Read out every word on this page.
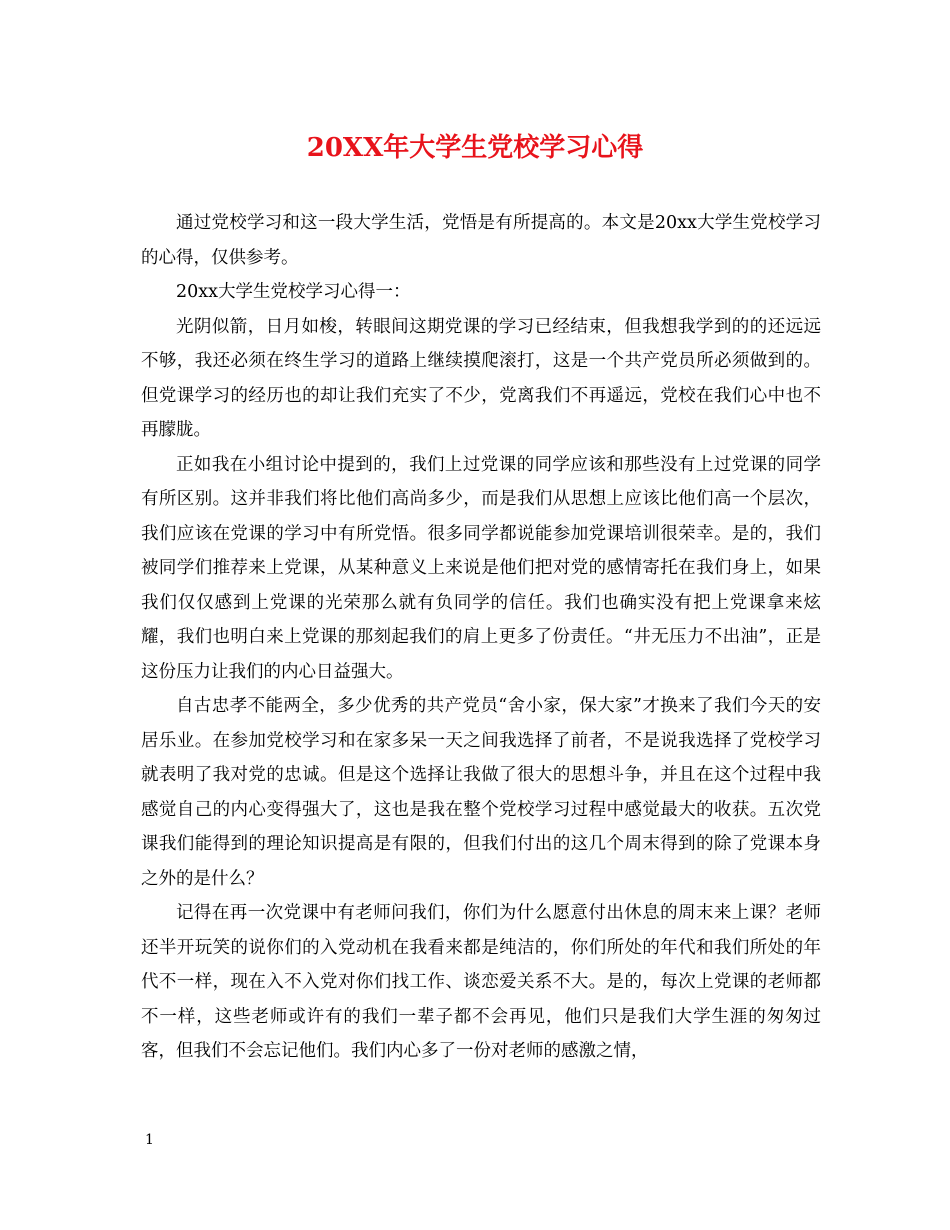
20XX年大学生党校学习心得

通过党校学习和这一段大学生活，党悟是有所提高的。本文是20xx大学生党校学习的心得，仅供参考。

20xx大学生党校学习心得一：

光阴似箭，日月如梭，转眼间这期党课的学习已经结束，但我想我学到的的还远远不够，我还必须在终生学习的道路上继续摸爬滚打，这是一个共产党员所必须做到的。但党课学习的经历也的却让我们充实了不少，党离我们不再遥远，党校在我们心中也不再朦胧。

正如我在小组讨论中提到的，我们上过党课的同学应该和那些没有上过党课的同学有所区别。这并非我们将比他们高尚多少，而是我们从思想上应该比他们高一个层次，我们应该在党课的学习中有所党悟。很多同学都说能参加党课培训很荣幸。是的，我们被同学们推荐来上党课，从某种意义上来说是他们把对党的感情寄托在我们身上，如果我们仅仅感到上党课的光荣那么就有负同学的信任。我们也确实没有把上党课拿来炫耀，我们也明白来上党课的那刻起我们的肩上更多了份责任。“井无压力不出油”，正是这份压力让我们的内心日益强大。

自古忠孝不能两全，多少优秀的共产党员“舍小家，保大家”才换来了我们今天的安居乐业。在参加党校学习和在家多呆一天之间我选择了前者，不是说我选择了党校学习就表明了我对党的忠诚。但是这个选择让我做了很大的思想斗争，并且在这个过程中我感觉自己的内心变得强大了，这也是我在整个党校学习过程中感觉最大的收获。五次党课我们能得到的理论知识提高是有限的，但我们付出的这几个周末得到的除了党课本身之外的是什么？

记得在再一次党课中有老师问我们，你们为什么愿意付出休息的周末来上课？老师还半开玩笑的说你们的入党动机在我看来都是纯洁的，你们所处的年代和我们所处的年代不一样，现在入不入党对你们找工作、谈恋爱关系不大。是的，每次上党课的老师都不一样，这些老师或许有的我们一辈子都不会再见，他们只是我们大学生涯的匆匆过客，但我们不会忘记他们。我们内心多了一份对老师的感激之情，

1
